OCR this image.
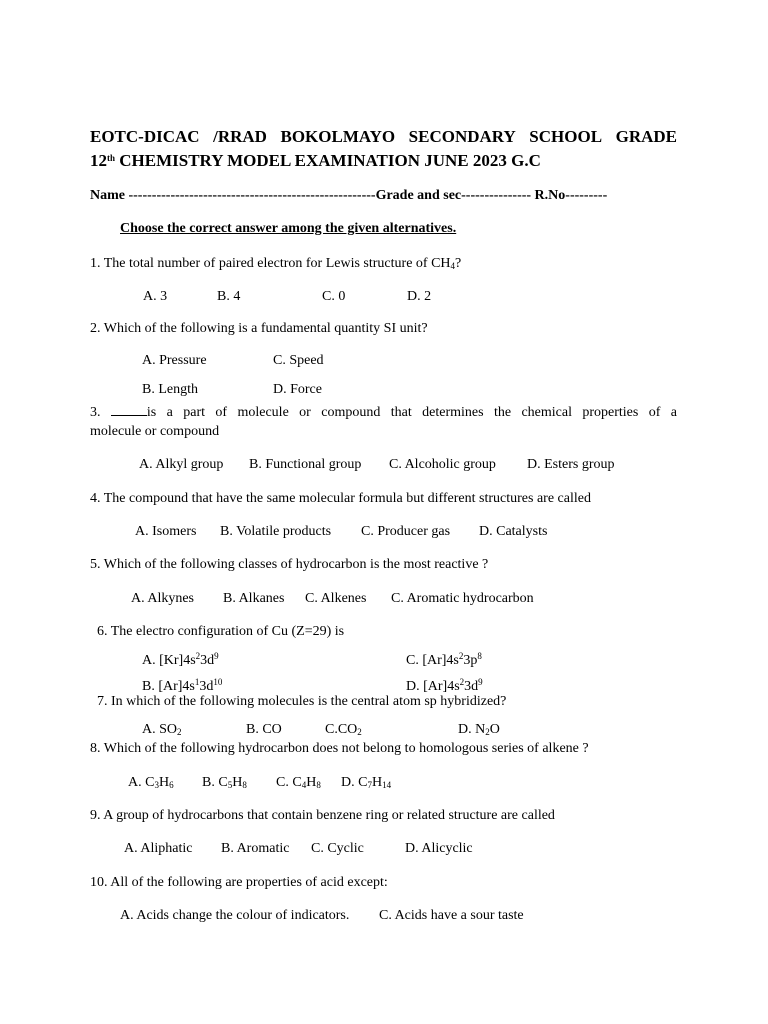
EOTC-DICAC /RRAD BOKOLMAYO SECONDARY SCHOOL GRADE
12th CHEMISTRY MODEL EXAMINATION JUNE 2023 G.C
Name -----------------------------------------------------Grade and sec--------------- R.No---------
Choose the correct answer among the given alternatives.
1. The total number of paired electron for Lewis structure of $CH_4$?
A. 3	B. 4	C. 0	D. 2
2. Which of the following is a fundamental quantity SI unit?
A. Pressure	C. Speed
B. Length	D. Force
3.	is a part of molecule or compound that determines the chemical properties of a
molecule or compound
A. Alkyl group B. Functional group C. Alcoholic group D. Esters group
4. The compound that have the same molecular formula but different structures are called
A. Isomers B. Volatile products C. Producer gas D. Catalysts
5. Which of the following classes of hydrocarbon is the most reactive ?
A. Alkynes B. Alkanes C. Alkenes C. Aromatic hydrocarbon
6. The electro configuration of Cu (Z=29) is
A. $[Kr]4s^23d^9$	C. $[Ar]4s^23p^8$
B. $[Ar]4s^13d^{10}$	D. $[Ar]4s^23d^9$
7. In which of the following molecules is the central atom sp hybridized?
A. $SO_2$	B. CO	$C.CO_2$	D. $N_2O$
8. Which of the following hydrocarbon does not belong to homologous series of alkene ?
A. $C_3H_6$ B. $C_5H_8$ C. $C_4H_8$ D. $C_7H_{14}$
9. A group of hydrocarbons that contain benzene ring or related structure are called
A. Aliphatic B. Aromatic C. Cyclic	D. Alicyclic
10. All of the following are properties of acid except:
A. Acids change the colour of indicators. C. Acids have a sour taste
